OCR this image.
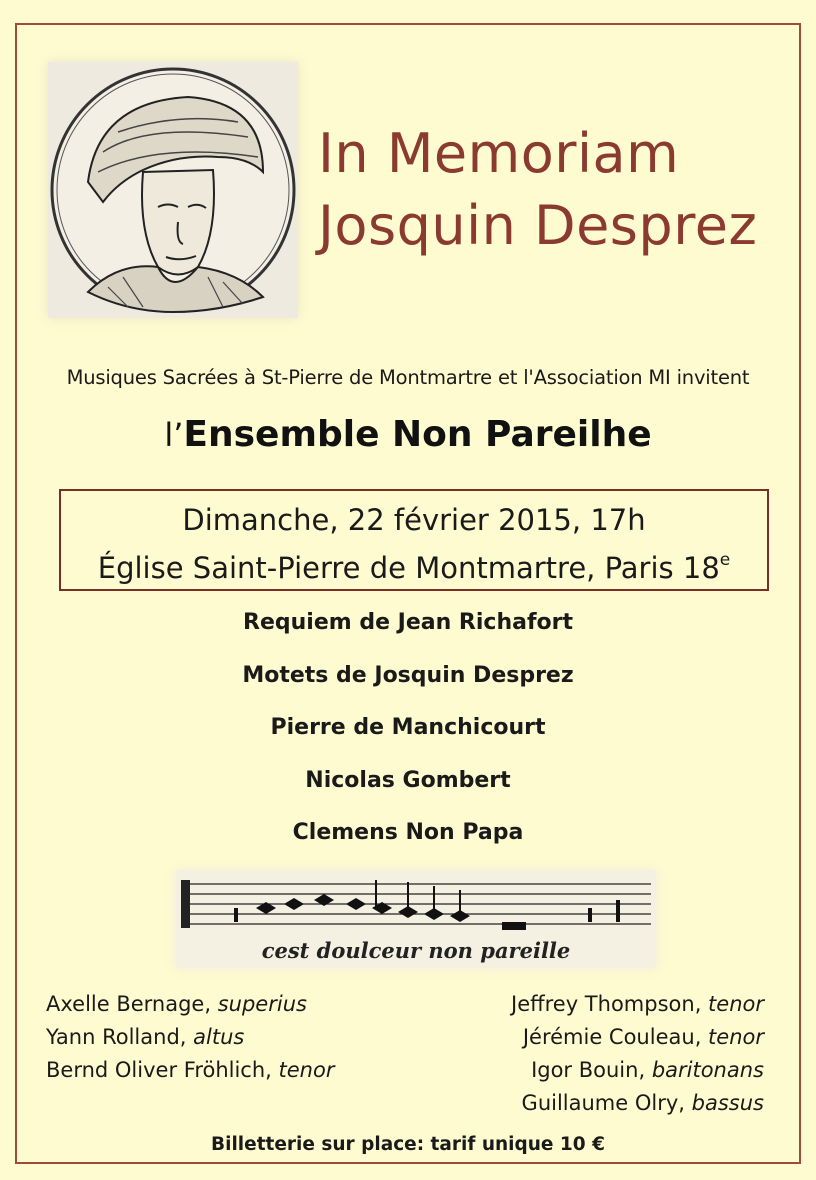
In Memoriam
Josquin Desprez
Musiques Sacrées à St-Pierre de Montmartre et l'Association MI invitent
l’Ensemble Non Pareilhe
Dimanche, 22 février 2015, 17h
Église Saint-Pierre de Montmartre, Paris 18e
Requiem de Jean Richafort
Motets de Josquin Desprez
Pierre de Manchicourt
Nicolas Gombert
Clemens Non Papa
cest doulceur non pareille
Axelle Bernage, superius
Yann Rolland, altus
Bernd Oliver Fröhlich, tenor
Jeffrey Thompson, tenor
Jérémie Couleau, tenor
Igor Bouin, baritonans
Guillaume Olry, bassus
Billetterie sur place: tarif unique 10 €
